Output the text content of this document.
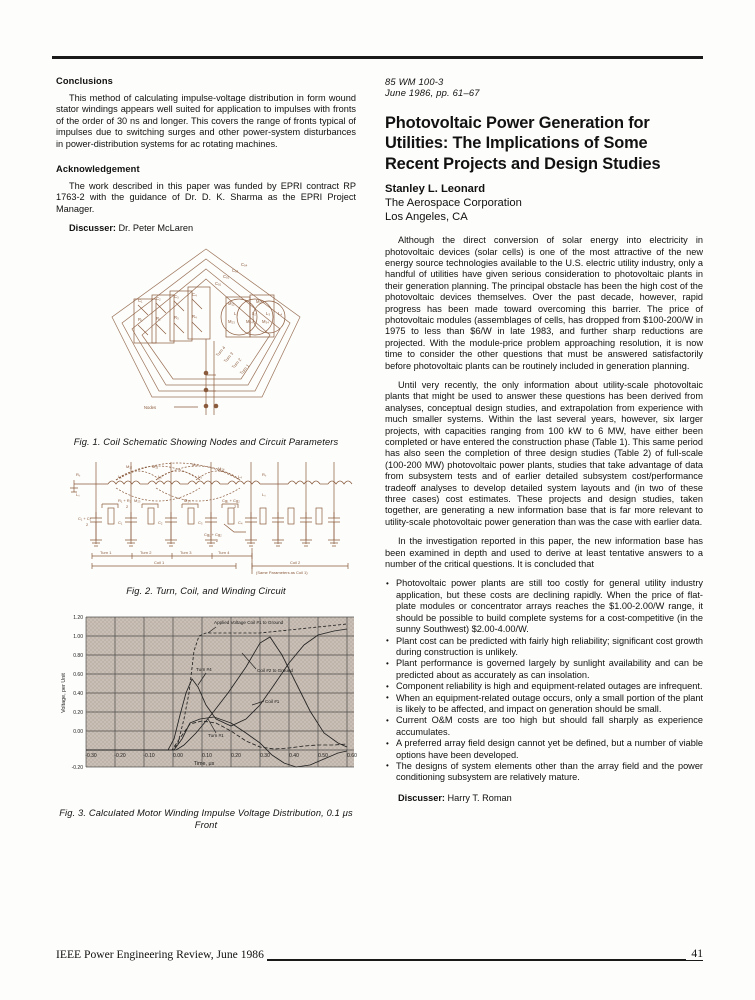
Conclusions

This method of calculating impulse-voltage distribution in form wound stator windings appears well suited for application to impulses with fronts of the order of 30 ns and longer. This covers the range of fronts typical of impulses due to switching surges and other power-system disturbances in power-distribution systems for ac rotating machines.

Acknowledgement

The work described in this paper was funded by EPRI contract RP 1763-2 with the guidance of Dr. D. K. Sharma as the EPRI Project Manager.

Discusser: Dr. Peter McLaren

C₁	C₂	C₃	C₄
R₁	R₂	R₃	R₄
M₁₂	M₁₃
M₂₃	M₂₄ M₃₄
L₁	L₂ L₃ L₄
C₉₁
C₉₂
C₉₃
C₉₄
Turn 4
Turn 3
Turn 2
Turn 1
Nodes

Fig. 1. Coil Schematic Showing Nodes and Circuit Parameters

L₁	L₂	L₃	L₄
M₁₂	M₁₃	M₁₄
M₂₄
M₂₃	M₃₄
Rₛ
Lₛ
Rₛ
Lₛ
C₁ + C₂
2
R₁ + R₂
2
C₁	C₂	C₃	C₄
Cg₁ + Cg₂
2
Cg₁ + Cg₂
2
Turn 1	Turn 2	Turn 3	Turn 4
Coil 1	Coil 2
(Same Parameters as Coil 1)

Fig. 2. Turn, Coil, and Winding Circuit

Applied Voltage Coil #1 to Ground
Coil #2 to Ground
Coil #1
Turn #4
Turn #1
1.20
1.00
0.80
0.60
0.40
0.20
0.00
-0.20
-0.30	-0.20	-0.10	0.00	0.10	0.20	0.30	0.40	0.50	0.60
Time, μs
Voltage, per Unit

Fig. 3. Calculated Motor Winding Impulse Voltage Distribution, 0.1 μs Front

85 WM 100-3
June 1986, pp. 61–67
Photovoltaic Power Generation for Utilities: The Implications of Some Recent Projects and Design Studies

Stanley L. Leonard

The Aerospace Corporation

Los Angeles, CA

Although the direct conversion of solar energy into electricity in photovoltaic devices (solar cells) is one of the most attractive of the new energy source technologies available to the U.S. electric utility industry, only a handful of utilities have given serious consideration to photovoltaic plants in their generation planning. The principal obstacle has been the high cost of the photovoltaic devices themselves. Over the past decade, however, rapid progress has been made toward overcoming this barrier. The price of photovoltaic modules (assemblages of cells, has dropped from $100-200/W in 1975 to less than $6/W in late 1983, and further sharp reductions are projected. With the module-price problem approaching resolution, it is now time to consider the other questions that must be answered satisfactorily before photovoltaic plants can be routinely included in generation planning.

Until very recently, the only information about utility-scale photovoltaic plants that might be used to answer these questions has been derived from analyses, conceptual design studies, and extrapolation from experience with much smaller systems. Within the last several years, however, six larger projects, with capacities ranging from 100 kW to 6 MW, have either been completed or have entered the construction phase (Table 1). This same period has also seen the completion of three design studies (Table 2) of full-scale (100-200 MW) photovoltaic power plants, studies that take advantage of data from subsystem tests and of earlier detailed subsystem cost/performance tradeoff analyses to develop detailed system layouts and (in two of these three cases) cost estimates. These projects and design studies, taken together, are generating a new information base that is far more relevant to utility-scale photovoltaic power generation than was the case with earlier data.

In the investigation reported in this paper, the new information base has been examined in depth and used to derive at least tentative answers to a number of the critical questions. It is concluded that

• Photovoltaic power plants are still too costly for general utility industry application, but these costs are declining rapidly. When the price of flat-plate modules or concentrator arrays reaches the $1.00-2.00/W range, it should be possible to build complete systems for a cost-competitive (in the sunny Southwest) $2.00-4.00/W.
• Plant cost can be predicted with fairly high reliability; significant cost growth during construction is unlikely.
• Plant performance is governed largely by sunlight availability and can be predicted about as accurately as can insolation.
• Component reliability is high and equipment-related outages are infrequent.
• When an equipment-related outage occurs, only a small portion of the plant is likely to be affected, and impact on generation should be small.
• Current O&M costs are too high but should fall sharply as experience accumulates.
• A preferred array field design cannot yet be defined, but a number of viable options have been developed.
• The designs of system elements other than the array field and the power conditioning subsystem are relatively mature.

Discusser: Harry T. Roman

IEEE Power Engineering Review, June 1986	41
